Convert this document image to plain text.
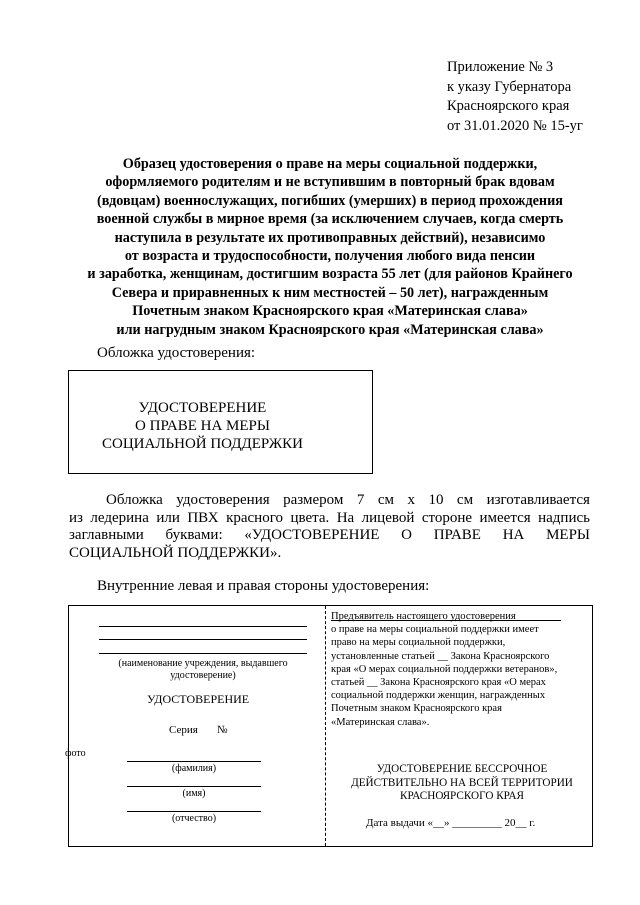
Приложение № 3
к указу Губернатора
Красноярского края
от 31.01.2020 № 15-уг
Образец удостоверения о праве на меры социальной поддержки,
оформляемого родителям и не вступившим в повторный брак вдовам
(вдовцам) военнослужащих, погибших (умерших) в период прохождения
военной службы в мирное время (за исключением случаев, когда смерть
наступила в результате их противоправных действий), независимо
от возраста и трудоспособности, получения любого вида пенсии
и заработка, женщинам, достигшим возраста 55 лет (для районов Крайнего
Севера и приравненных к ним местностей – 50 лет), награжденным
Почетным знаком Красноярского края «Материнская слава»
или нагрудным знаком Красноярского края «Материнская слава»
Обложка удостоверения:
УДОСТОВЕРЕНИЕ
О ПРАВЕ НА МЕРЫ
СОЦИАЛЬНОЙ ПОДДЕРЖКИ
Обложка удостоверения размером 7 см х 10 см изготавливается
из ледерина или ПВХ красного цвета. На лицевой стороне имеется надпись
заглавными буквами: «УДОСТОВЕРЕНИЕ О ПРАВЕ НА МЕРЫ
СОЦИАЛЬНОЙ ПОДДЕРЖКИ».
Внутренние левая и правая стороны удостоверения:
(наименование учреждения, выдавшего
удостоверение)
УДОСТОВЕРЕНИЕ
Серия №
фото
(фамилия)
(имя)
(отчество)
Предъявитель настоящего удостоверения
о праве на меры социальной поддержки имеет
право на меры социальной поддержки,
установленные статьей __ Закона Красноярского
края «О мерах социальной поддержки ветеранов»,
статьей __ Закона Красноярского края «О мерах
социальной поддержки женщин, награжденных
Почетным знаком Красноярского края
«Материнская слава».
УДОСТОВЕРЕНИЕ БЕССРОЧНОЕ
ДЕЙСТВИТЕЛЬНО НА ВСЕЙ ТЕРРИТОРИИ
КРАСНОЯРСКОГО КРАЯ
Дата выдачи «__» _________ 20__ г.
